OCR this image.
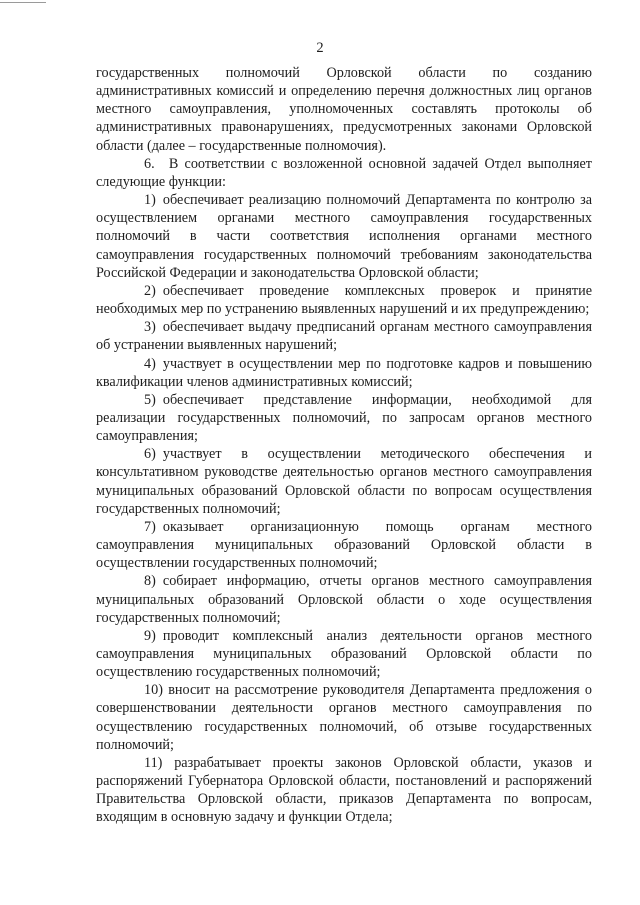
2

государственных полномочий Орловской области по созданию административных комиссий и определению перечня должностных лиц органов местного самоуправления, уполномоченных составлять протоколы об административных правонарушениях, предусмотренных законами Орловской области (далее – государственные полномочия).

6. В соответствии с возложенной основной задачей Отдел выполняет следующие функции:

1) обеспечивает реализацию полномочий Департамента по контролю за осуществлением органами местного самоуправления государственных полномочий в части соответствия исполнения органами местного самоуправления государственных полномочий требованиям законодательства Российской Федерации и законодательства Орловской области;

2) обеспечивает проведение комплексных проверок и принятие необходимых мер по устранению выявленных нарушений и их предупреждению;

3) обеспечивает выдачу предписаний органам местного самоуправления об устранении выявленных нарушений;

4) участвует в осуществлении мер по подготовке кадров и повышению квалификации членов административных комиссий;

5) обеспечивает представление информации, необходимой для реализации государственных полномочий, по запросам органов местного самоуправления;

6) участвует в осуществлении методического обеспечения и консультативном руководстве деятельностью органов местного самоуправления муниципальных образований Орловской области по вопросам осуществления государственных полномочий;

7) оказывает организационную помощь органам местного самоуправления муниципальных образований Орловской области в осуществлении государственных полномочий;

8) собирает информацию, отчеты органов местного самоуправления муниципальных образований Орловской области о ходе осуществления государственных полномочий;

9) проводит комплексный анализ деятельности органов местного самоуправления муниципальных образований Орловской области по осуществлению государственных полномочий;

10) вносит на рассмотрение руководителя Департамента предложения о совершенствовании деятельности органов местного самоуправления по осуществлению государственных полномочий, об отзыве государственных полномочий;

11) разрабатывает проекты законов Орловской области, указов и распоряжений Губернатора Орловской области, постановлений и распоряжений Правительства Орловской области, приказов Департамента по вопросам, входящим в основную задачу и функции Отдела;
